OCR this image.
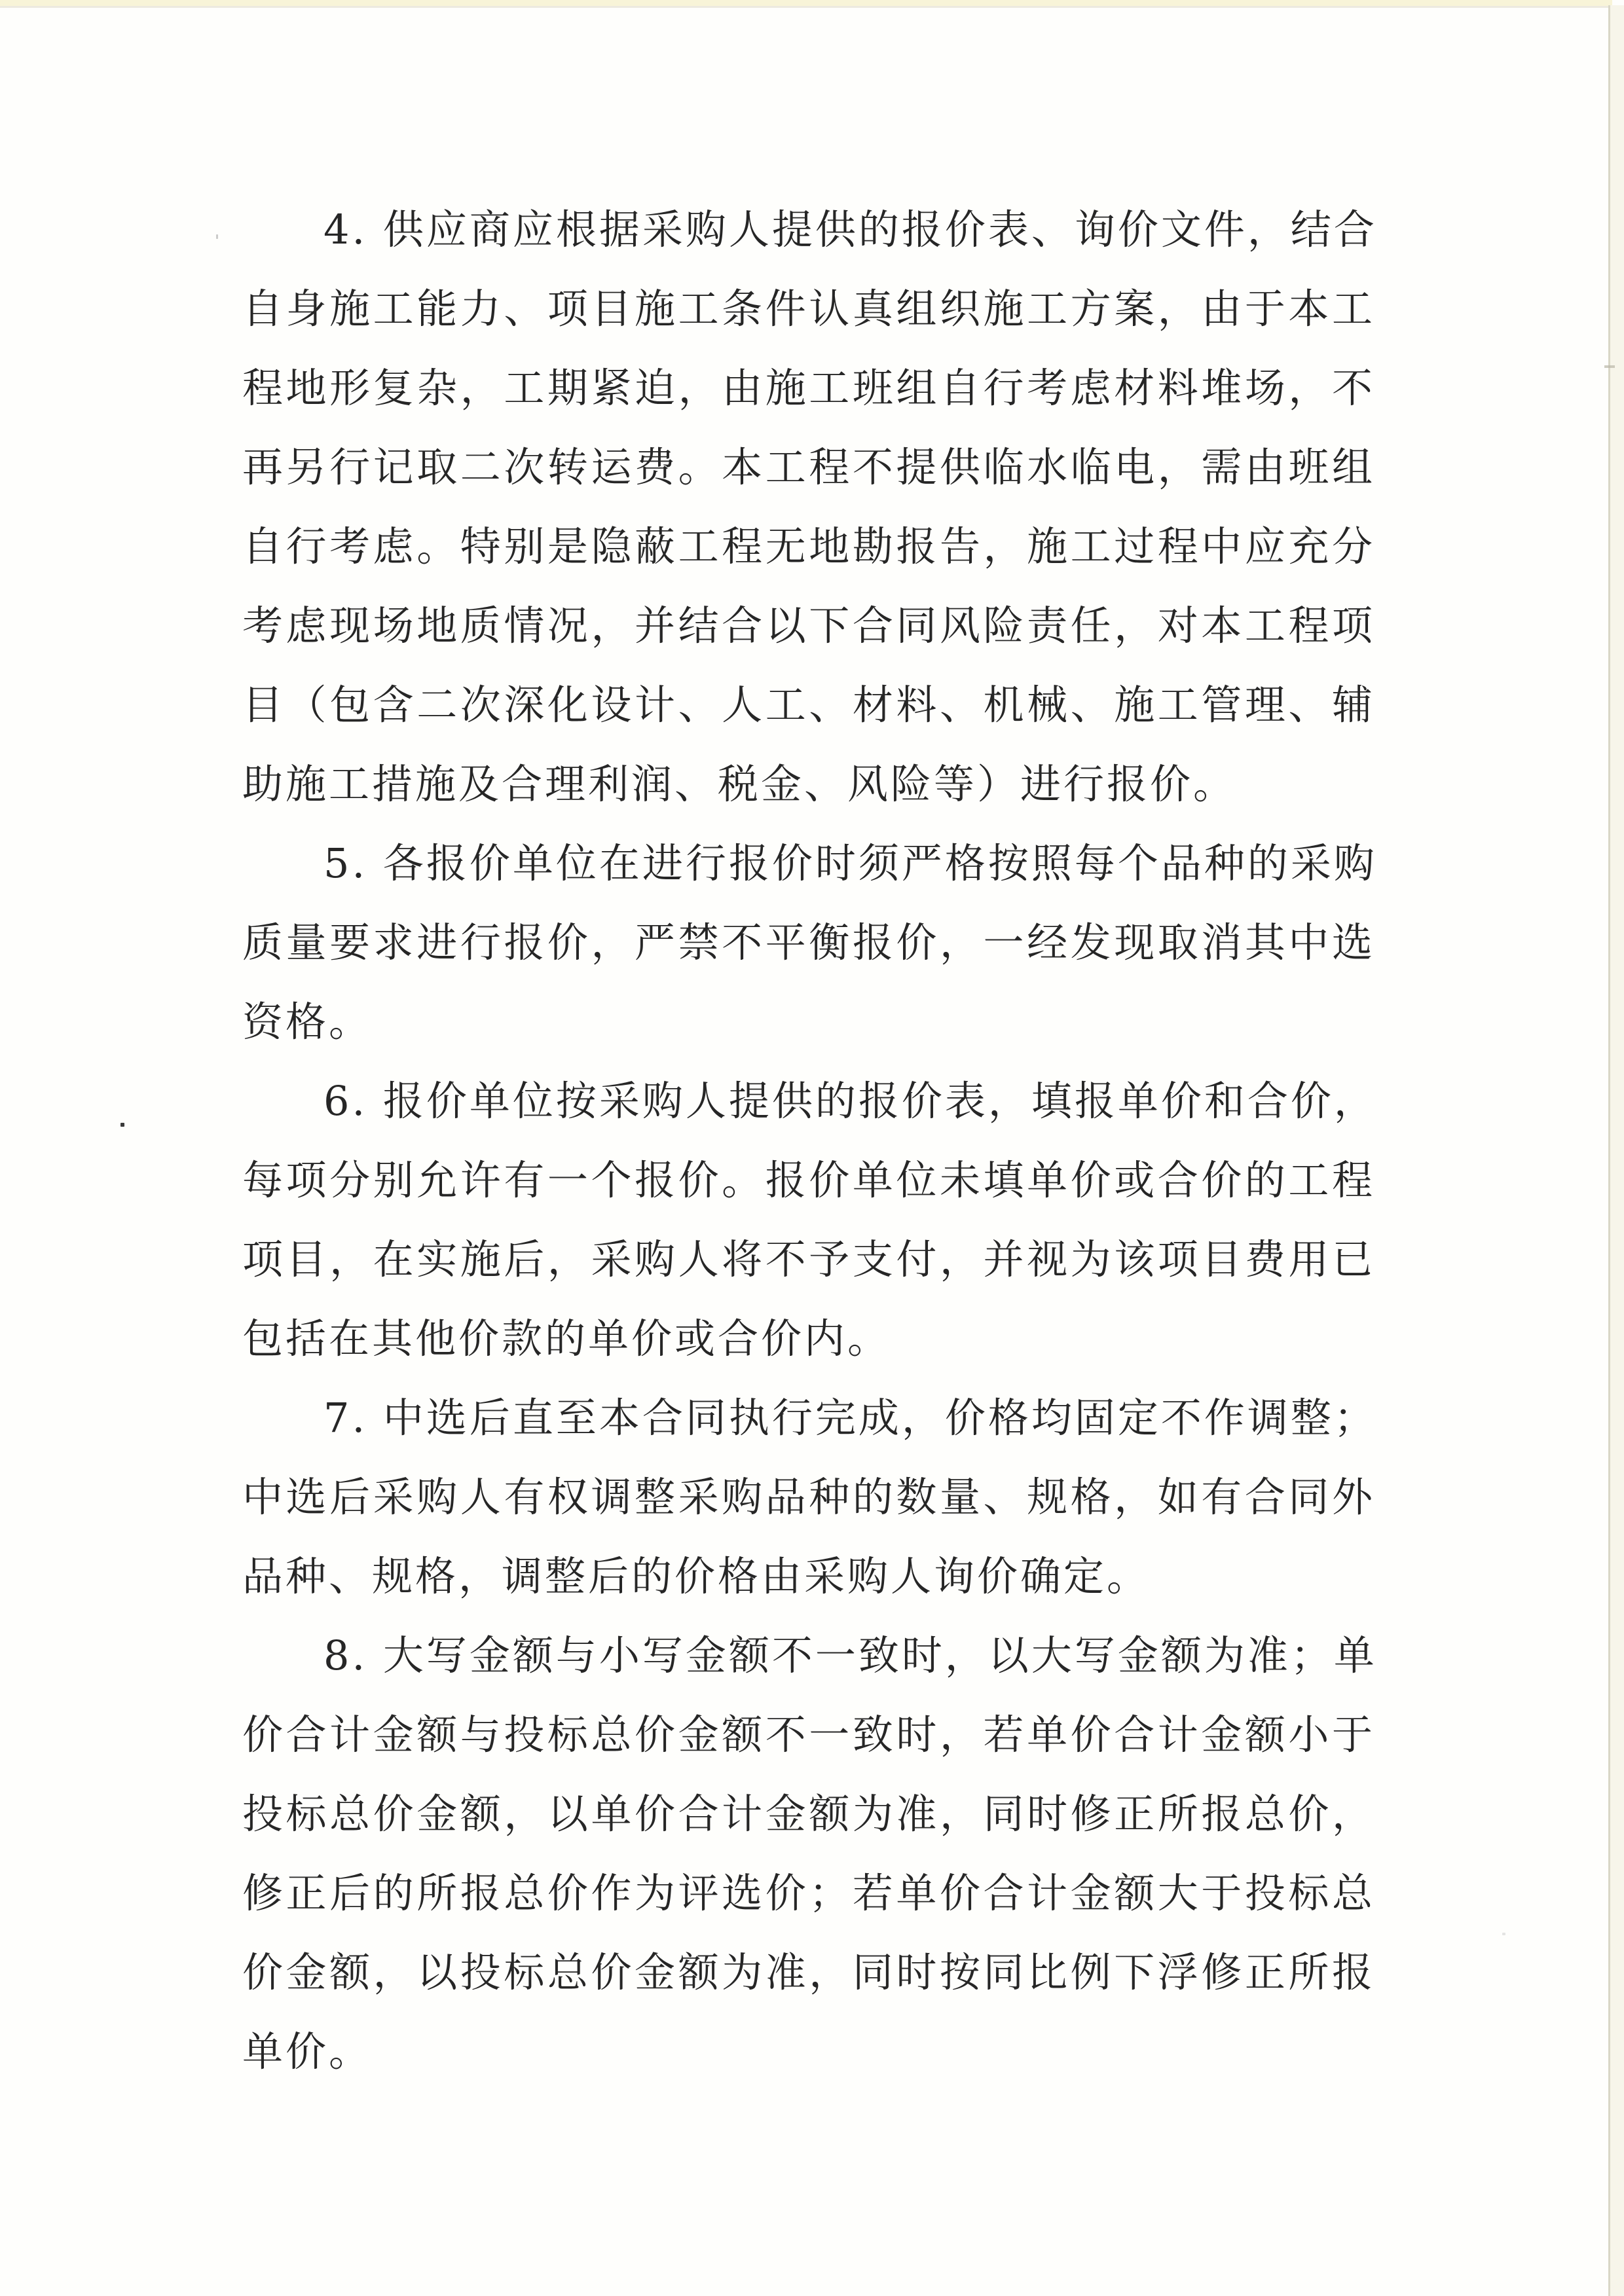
4. 供应商应根据采购人提供的报价表、询价文件，结合
自身施工能力、项目施工条件认真组织施工方案，由于本工
程地形复杂，工期紧迫，由施工班组自行考虑材料堆场，不
再另行记取二次转运费。本工程不提供临水临电，需由班组
自行考虑。特别是隐蔽工程无地勘报告，施工过程中应充分
考虑现场地质情况，并结合以下合同风险责任，对本工程项
目（包含二次深化设计、人工、材料、机械、施工管理、辅
助施工措施及合理利润、税金、风险等）进行报价。
5. 各报价单位在进行报价时须严格按照每个品种的采购
质量要求进行报价，严禁不平衡报价，一经发现取消其中选
资格。
6. 报价单位按采购人提供的报价表，填报单价和合价，
每项分别允许有一个报价。报价单位未填单价或合价的工程
项目，在实施后，采购人将不予支付，并视为该项目费用已
包括在其他价款的单价或合价内。
7. 中选后直至本合同执行完成，价格均固定不作调整；
中选后采购人有权调整采购品种的数量、规格，如有合同外
品种、规格，调整后的价格由采购人询价确定。
8. 大写金额与小写金额不一致时，以大写金额为准；单
价合计金额与投标总价金额不一致时，若单价合计金额小于
投标总价金额，以单价合计金额为准，同时修正所报总价，
修正后的所报总价作为评选价；若单价合计金额大于投标总
价金额，以投标总价金额为准，同时按同比例下浮修正所报
单价。
